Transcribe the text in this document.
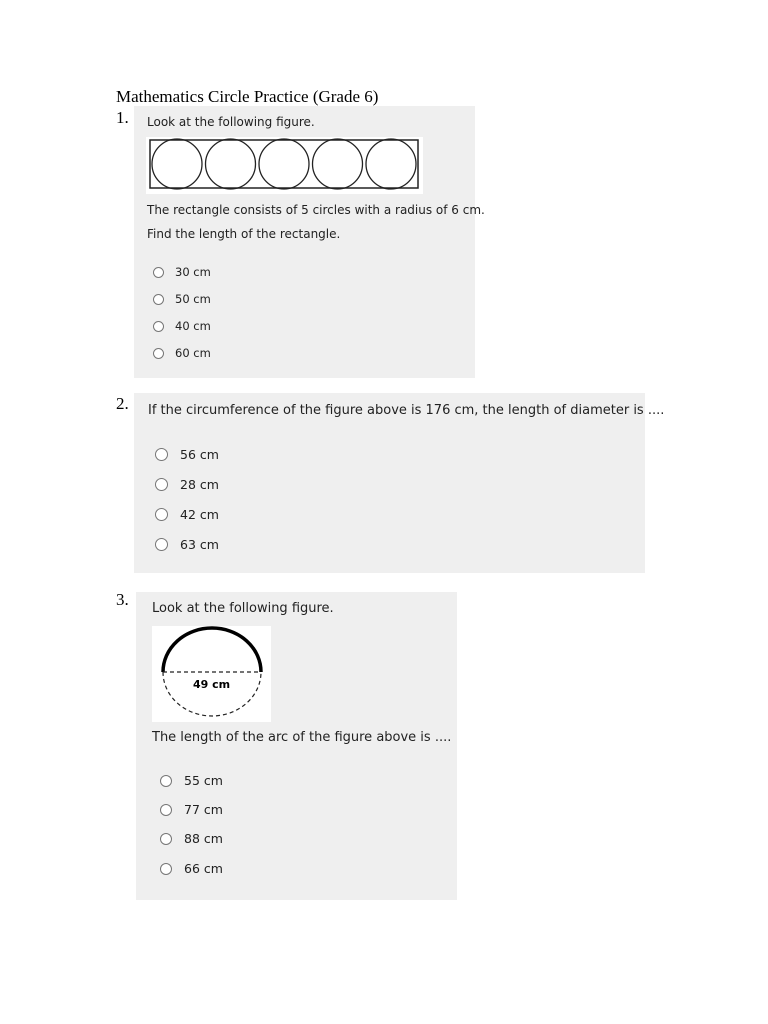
Mathematics Circle Practice (Grade 6)
1. Look at the following figure.
The rectangle consists of 5 circles with a radius of 6 cm.
Find the length of the rectangle.
30 cm
50 cm
40 cm
60 cm
2. If the circumference of the figure above is 176 cm, the length of diameter is ....
56 cm
28 cm
42 cm
63 cm
3. Look at the following figure.
49 cm
The length of the arc of the figure above is ....
55 cm
77 cm
88 cm
66 cm
